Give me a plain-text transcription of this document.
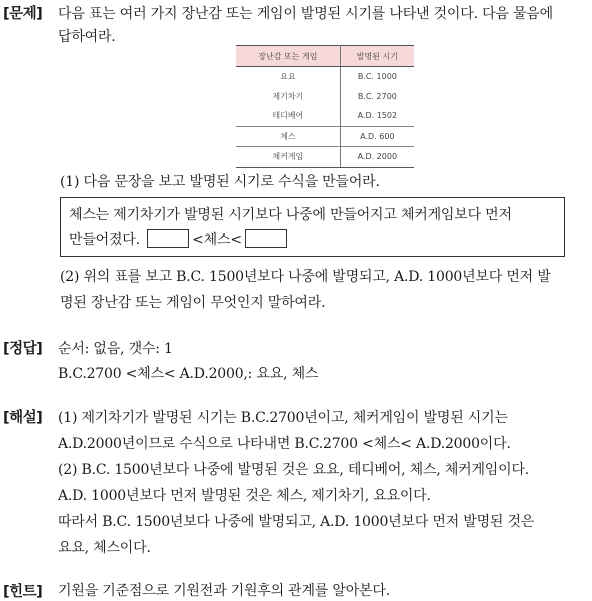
[문제] 다음 표는 여러 가지 장난감 또는 게임이 발명된 시기를 나타낸 것이다. 다음 물음에
답하여라.
장난감 또는 게임	발명된 시기
요요	B.C. 1000
제기차기	B.C. 2700
테디베어	A.D. 1502
체스	A.D. 600
체커게임	A.D. 2000
(1) 다음 문장을 보고 발명된 시기로 수식을 만들어라.
체스는 제기차기가 발명된 시기보다 나중에 만들어지고 체커게임보다 먼저
만들어졌다.	<체스<
(2) 위의 표를 보고 B.C. 1500년보다 나중에 발명되고, A.D. 1000년보다 먼저 발
명된 장난감 또는 게임이 무엇인지 말하여라.
[정답] 순서: 없음, 갯수: 1
B.C.2700 <체스< A.D.2000,: 요요, 체스
[해설] (1) 제기차기가 발명된 시기는 B.C.2700년이고, 체커게임이 발명된 시기는
A.D.2000년이므로 수식으로 나타내면 B.C.2700 <체스< A.D.2000이다.
(2) B.C. 1500년보다 나중에 발명된 것은 요요, 테디베어, 체스, 체커게임이다.
A.D. 1000년보다 먼저 발명된 것은 체스, 제기차기, 요요이다.
따라서 B.C. 1500년보다 나중에 발명되고, A.D. 1000년보다 먼저 발명된 것은
요요, 체스이다.
[힌트] 기원을 기준점으로 기원전과 기원후의 관계를 알아본다.
